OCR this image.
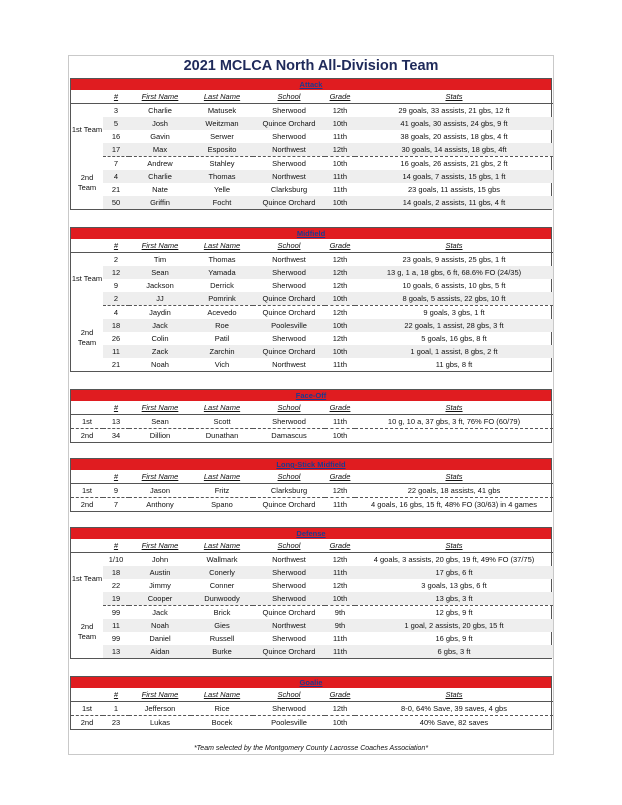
2021 MCLCA North All-Division Team
Attack
	#	First Name	Last Name	School	Grade	Stats
1st Team	3	Charlie	Matusek	Sherwood	12th	29 goals, 33 assists, 21 gbs, 12 ft
	5	Josh	Weitzman	Quince Orchard	10th	41 goals, 30 assists, 24 gbs, 9 ft
	16	Gavin	Serwer	Sherwood	11th	38 goals, 20 assists, 18 gbs, 4 ft
	17	Max	Esposito	Northwest	12th	30 goals, 14 assists, 18 gbs, 4ft
2nd Team	7	Andrew	Stahley	Sherwood	10th	16 goals, 26 assists, 21 gbs, 2 ft
	4	Charlie	Thomas	Northwest	11th	14 goals, 7 assists, 15 gbs, 1 ft
	21	Nate	Yelle	Clarksburg	11th	23 goals, 11 assists, 15 gbs
	50	Griffin	Focht	Quince Orchard	10th	14 goals, 2 assists, 11 gbs, 4 ft
Midfield
	#	First Name	Last Name	School	Grade	Stats
1st Team	2	Tim	Thomas	Northwest	12th	23 goals, 9 assists, 25 gbs, 1 ft
	12	Sean	Yamada	Sherwood	12th	13 g, 1 a, 18 gbs, 6 ft, 68.6% FO (24/35)
	9	Jackson	Derrick	Sherwood	12th	10 goals, 6 assists, 10 gbs, 5 ft
	2	JJ	Pomrink	Quince Orchard	10th	8 goals, 5 assists, 22 gbs, 10 ft
2nd Team	4	Jaydin	Acevedo	Quince Orchard	12th	9 goals, 3 gbs, 1 ft
	18	Jack	Roe	Poolesville	10th	22 goals, 1 assist, 28 gbs, 3 ft
	26	Colin	Patil	Sherwood	12th	5 goals, 16 gbs, 8 ft
	11	Zack	Zarchin	Quince Orchard	10th	1 goal, 1 assist, 8 gbs, 2 ft
	21	Noah	Vich	Northwest	11th	11 gbs, 8 ft
Face-Off
	#	First Name	Last Name	School	Grade	Stats
1st	13	Sean	Scott	Sherwood	11th	10 g, 10 a, 37 gbs, 3 ft, 76% FO (60/79)
2nd	34	Dillion	Dunathan	Damascus	10th	
Long-Stick Midfield
	#	First Name	Last Name	School	Grade	Stats
1st	9	Jason	Fritz	Clarksburg	12th	22 goals, 18 assists, 41 gbs
2nd	7	Anthony	Spano	Quince Orchard	11th	4 goals, 16 gbs, 15 ft, 48% FO (30/63) in 4 games
Defense
	#	First Name	Last Name	School	Grade	Stats
1st Team	1/10	John	Wallmark	Northwest	12th	4 goals, 3 assists, 20 gbs, 19 ft, 49% FO (37/75)
	18	Austin	Conerly	Sherwood	11th	17 gbs, 6 ft
	22	Jimmy	Conner	Sherwood	12th	3 goals, 13 gbs, 6 ft
	19	Cooper	Dunwoody	Sherwood	10th	13 gbs, 3 ft
2nd Team	99	Jack	Brick	Quince Orchard	9th	12 gbs, 9 ft
	11	Noah	Gies	Northwest	9th	1 goal, 2 assists, 20 gbs, 15 ft
	99	Daniel	Russell	Sherwood	11th	16 gbs, 9 ft
	13	Aidan	Burke	Quince Orchard	11th	6 gbs, 3 ft
Goalie
	#	First Name	Last Name	School	Grade	Stats
1st	1	Jefferson	Rice	Sherwood	12th	8-0, 64% Save, 39 saves, 4 gbs
2nd	23	Lukas	Bocek	Poolesville	10th	40% Save, 82 saves
*Team selected by the Montgomery County Lacrosse Coaches Association*
